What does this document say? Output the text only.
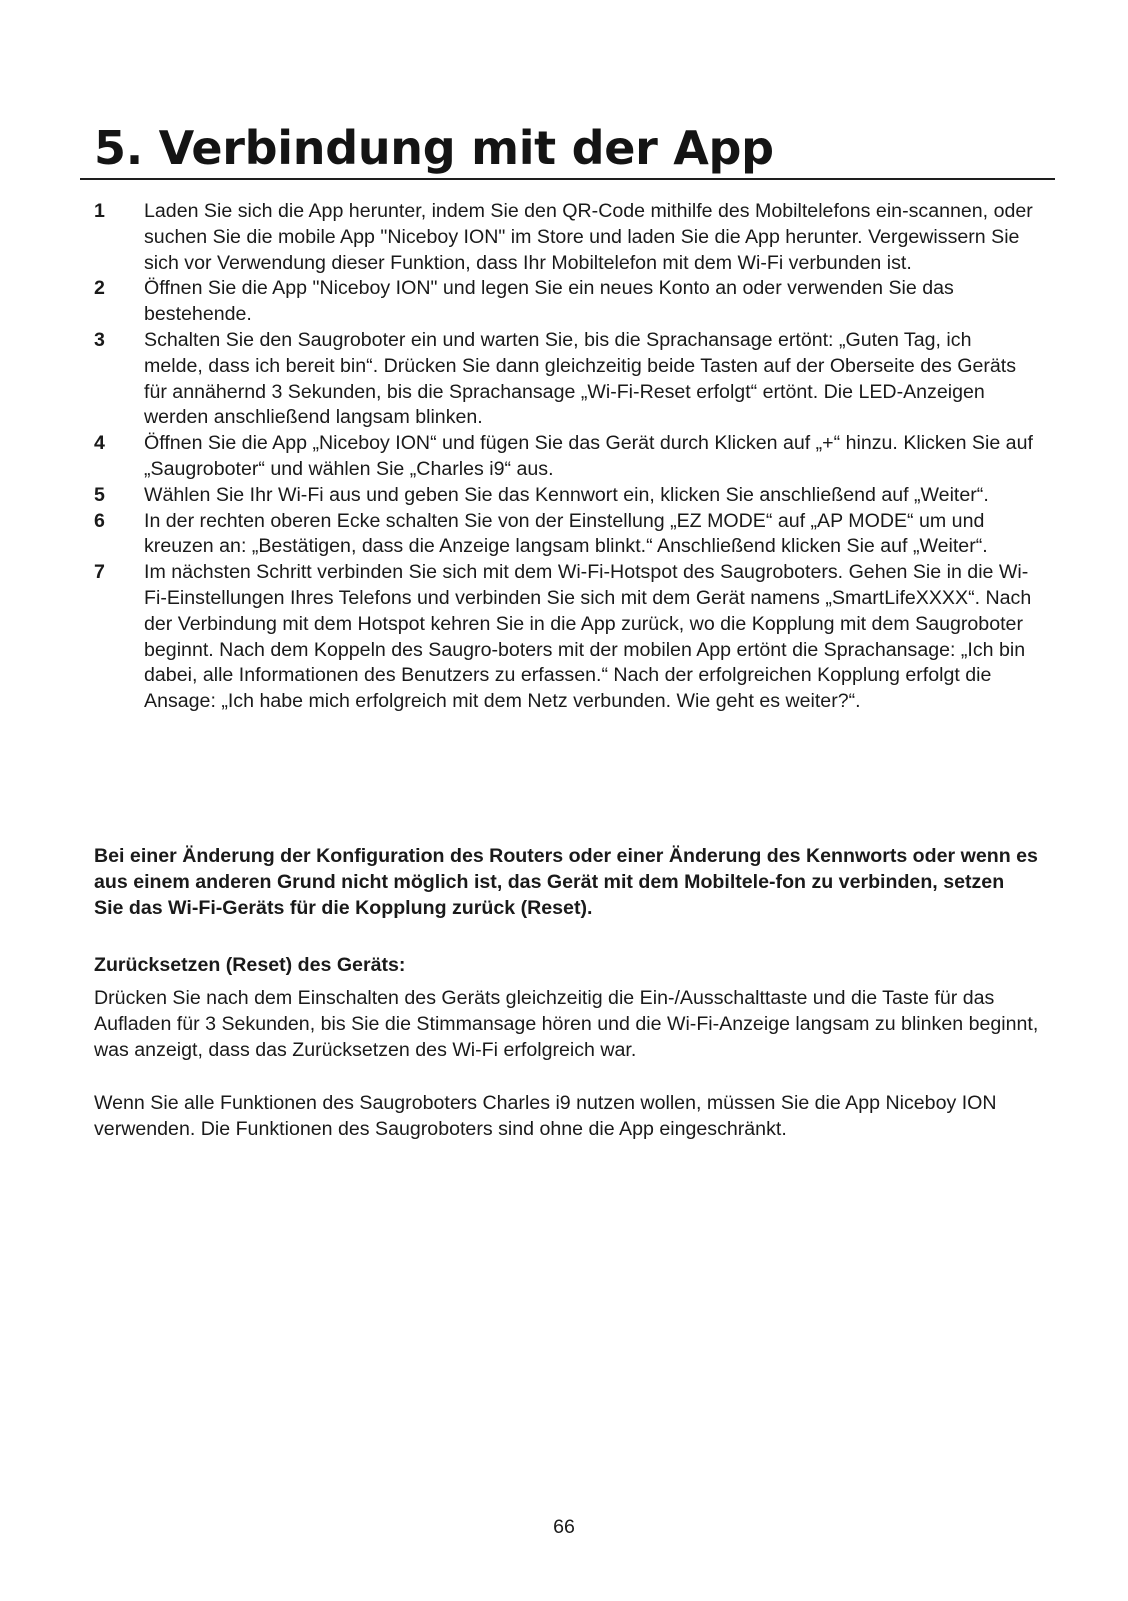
5. Verbindung mit der App
1	Laden Sie sich die App herunter, indem Sie den QR-Code mithilfe des Mobiltelefons ein-scannen, oder suchen Sie die mobile App "Niceboy ION" im Store und laden Sie die App herunter. Vergewissern Sie sich vor Verwendung dieser Funktion, dass Ihr Mobiltelefon mit dem Wi-Fi verbunden ist.
2	Öffnen Sie die App "Niceboy ION" und legen Sie ein neues Konto an oder verwenden Sie das bestehende.
3	Schalten Sie den Saugroboter ein und warten Sie, bis die Sprachansage ertönt: „Guten Tag, ich melde, dass ich bereit bin“. Drücken Sie dann gleichzeitig beide Tasten auf der Oberseite des Geräts für annähernd 3 Sekunden, bis die Sprachansage „Wi-Fi-Reset erfolgt“ ertönt. Die LED-Anzeigen werden anschließend langsam blinken.
4	Öffnen Sie die App „Niceboy ION“ und fügen Sie das Gerät durch Klicken auf „+“ hinzu. Klicken Sie auf „Saugroboter“ und wählen Sie „Charles i9“ aus.
5	Wählen Sie Ihr Wi-Fi aus und geben Sie das Kennwort ein, klicken Sie anschließend auf „Weiter“.
6	In der rechten oberen Ecke schalten Sie von der Einstellung „EZ MODE“ auf „AP MODE“ um und kreuzen an: „Bestätigen, dass die Anzeige langsam blinkt.“ Anschließend klicken Sie auf „Weiter“.
7	Im nächsten Schritt verbinden Sie sich mit dem Wi-Fi-Hotspot des Saugroboters. Gehen Sie in die Wi-Fi-Einstellungen Ihres Telefons und verbinden Sie sich mit dem Gerät namens „SmartLifeXXXX“. Nach der Verbindung mit dem Hotspot kehren Sie in die App zurück, wo die Kopplung mit dem Saugroboter beginnt. Nach dem Koppeln des Saugro-boters mit der mobilen App ertönt die Sprachansage: „Ich bin dabei, alle Informationen des Benutzers zu erfassen.“ Nach der erfolgreichen Kopplung erfolgt die Ansage: „Ich habe mich erfolgreich mit dem Netz verbunden. Wie geht es weiter?“.

Bei einer Änderung der Konfiguration des Routers oder einer Änderung des Kennworts oder wenn es aus einem anderen Grund nicht möglich ist, das Gerät mit dem Mobiltele-fon zu verbinden, setzen Sie das Wi-Fi-Geräts für die Kopplung zurück (Reset).

Zurücksetzen (Reset) des Geräts:

Drücken Sie nach dem Einschalten des Geräts gleichzeitig die Ein-/Ausschalttaste und die Taste für das Aufladen für 3 Sekunden, bis Sie die Stimmansage hören und die Wi-Fi-Anzeige langsam zu blinken beginnt, was anzeigt, dass das Zurücksetzen des Wi-Fi erfolgreich war.

Wenn Sie alle Funktionen des Saugroboters Charles i9 nutzen wollen, müssen Sie die App Niceboy ION verwenden. Die Funktionen des Saugroboters sind ohne die App eingeschränkt.

66
